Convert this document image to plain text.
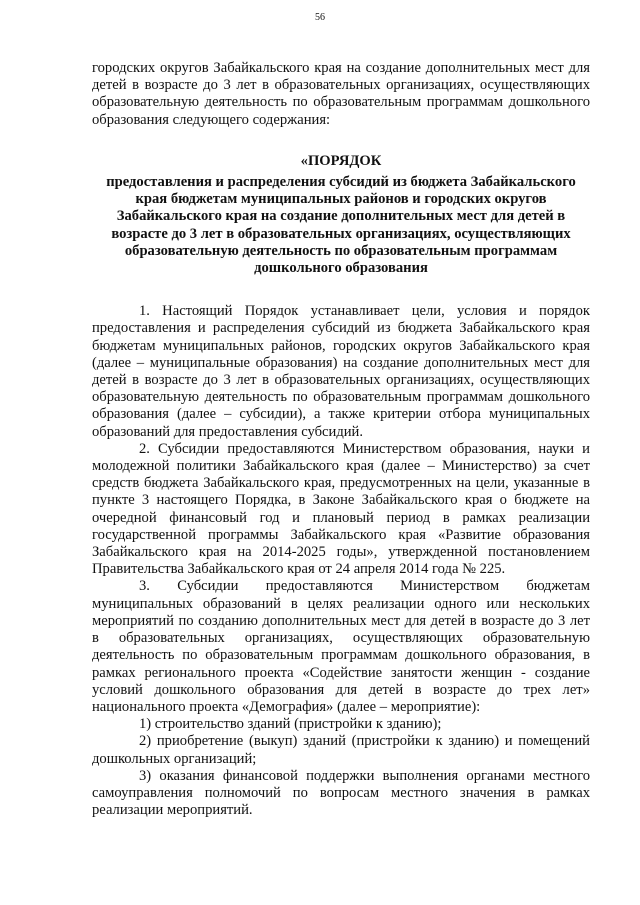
56

городских округов Забайкальского края на создание дополнительных мест для детей в возрасте до 3 лет в образовательных организациях, осуществляющих образовательную деятельность по образовательным программам дошкольного образования следующего содержания:

«ПОРЯДОК
предоставления и распределения субсидий из бюджета Забайкальского края бюджетам муниципальных районов и городских округов Забайкальского края на создание дополнительных мест для детей в возрасте до 3 лет в образовательных организациях, осуществляющих образовательную деятельность по образовательным программам дошкольного образования

1. Настоящий Порядок устанавливает цели, условия и порядок предоставления и распределения субсидий из бюджета Забайкальского края бюджетам муниципальных районов, городских округов Забайкальского края (далее – муниципальные образования) на создание дополнительных мест для детей в возрасте до 3 лет в образовательных организациях, осуществляющих образовательную деятельность по образовательным программам дошкольного образования (далее – субсидии), а также критерии отбора муниципальных образований для предоставления субсидий.

2. Субсидии предоставляются Министерством образования, науки и молодежной политики Забайкальского края (далее – Министерство) за счет средств бюджета Забайкальского края, предусмотренных на цели, указанные в пункте 3 настоящего Порядка, в Законе Забайкальского края о бюджете на очередной финансовый год и плановый период в рамках реализации государственной программы Забайкальского края «Развитие образования Забайкальского края на 2014-2025 годы», утвержденной постановлением Правительства Забайкальского края от 24 апреля 2014 года № 225.

3. Субсидии предоставляются Министерством бюджетам муниципальных образований в целях реализации одного или нескольких мероприятий по созданию дополнительных мест для детей в возрасте до 3 лет в образовательных организациях, осуществляющих образовательную деятельность по образовательным программам дошкольного образования, в рамках регионального проекта «Содействие занятости женщин - создание условий дошкольного образования для детей в возрасте до трех лет» национального проекта «Демография» (далее – мероприятие):

1) строительство зданий (пристройки к зданию);

2) приобретение (выкуп) зданий (пристройки к зданию) и помещений дошкольных организаций;

3) оказания финансовой поддержки выполнения органами местного самоуправления полномочий по вопросам местного значения в рамках реализации мероприятий.
